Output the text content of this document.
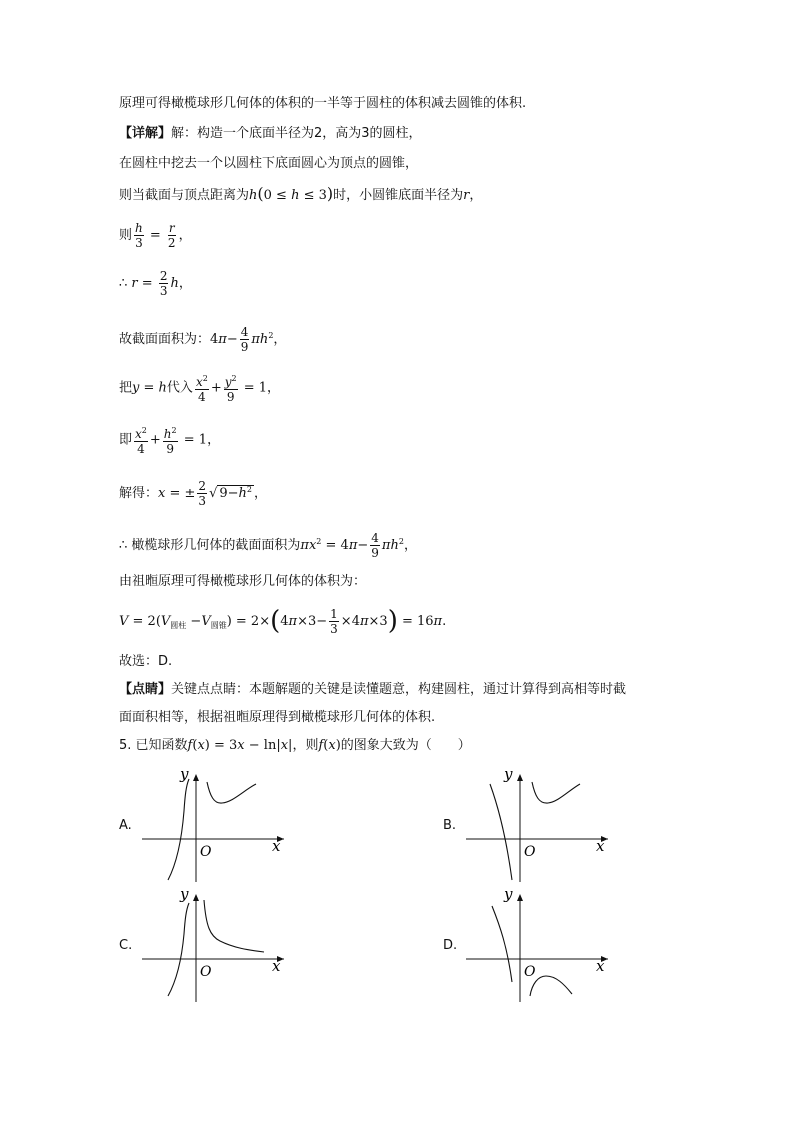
原理可得橄榄球形几何体的体积的一半等于圆柱的体积减去圆锥的体积.
【详解】解：构造一个底面半径为2，高为3的圆柱，
在圆柱中挖去一个以圆柱下底面圆心为顶点的圆锥，
则当截面与顶点距离为h(0 ≤ h ≤ 3)时，小圆锥底面半径为r，
则 $\frac{h}{3} = \frac{r}{2}$ ，
∴ $r = \frac{2}{3}$ h，
故截面面积为：$4\pi- \frac{4}{9} \pi h^2$，
把y = h代入 $\frac{x^2}{4} + \frac{y^2}{9} = 1$，
即 $\frac{x^2}{4} + \frac{h^2}{9} = 1$，
解得：x = ± $\frac{2}{3}$ √ $9-h^2$ ，
∴ 橄榄球形几何体的截面面积为$\pi x^2 = 4\pi- \frac{4}{9} \pi h^2$，
由祖暅原理可得橄榄球形几何体的体积为：
$V = 2(V_{圆柱} -V_{圆锥}) = 2\times(4\pi\times 3- \frac{1}{3} \times 4\pi\times 3) = 16\pi$.
故选：D.
【点睛】关键点点睛：本题解题的关键是读懂题意，构建圆柱，通过计算得到高相等时截
面面积相等，根据祖暅原理得到橄榄球形几何体的体积.
5. 已知函数f(x) = 3x − ln|x|，则f(x)的图象大致为（　　）
A.	B.
C.	D.
y
x
O
y
x
O
y
x
O
y
x
O
